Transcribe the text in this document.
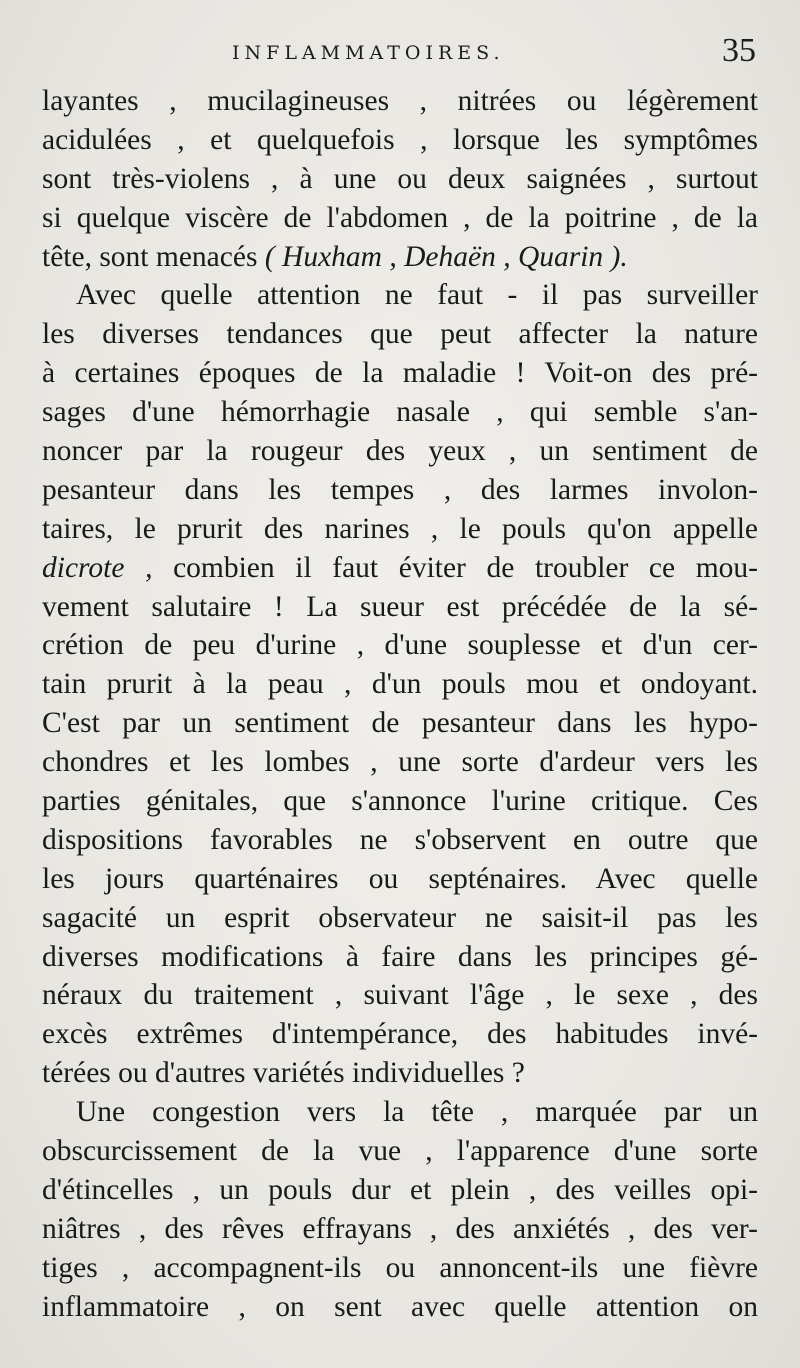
INFLAMMATOIRES.	35
layantes , mucilagineuses , nitrées ou légèrement
acidulées , et quelquefois , lorsque les symptômes
sont très-violens , à une ou deux saignées , surtout
si quelque viscère de l'abdomen , de la poitrine , de la
tête, sont menacés ( Huxham , Dehaën , Quarin ).
Avec quelle attention ne faut - il pas surveiller
les diverses tendances que peut affecter la nature
à certaines époques de la maladie ! Voit-on des pré-
sages d'une hémorrhagie nasale , qui semble s'an-
noncer par la rougeur des yeux , un sentiment de
pesanteur dans les tempes , des larmes involon-
taires, le prurit des narines , le pouls qu'on appelle
dicrote , combien il faut éviter de troubler ce mou-
vement salutaire ! La sueur est précédée de la sé-
crétion de peu d'urine , d'une souplesse et d'un cer-
tain prurit à la peau , d'un pouls mou et ondoyant.
C'est par un sentiment de pesanteur dans les hypo-
chondres et les lombes , une sorte d'ardeur vers les
parties génitales, que s'annonce l'urine critique. Ces
dispositions favorables ne s'observent en outre que
les jours quarténaires ou septénaires. Avec quelle
sagacité un esprit observateur ne saisit-il pas les
diverses modifications à faire dans les principes gé-
néraux du traitement , suivant l'âge , le sexe , des
excès extrêmes d'intempérance, des habitudes invé-
térées ou d'autres variétés individuelles ?
Une congestion vers la tête , marquée par un
obscurcissement de la vue , l'apparence d'une sorte
d'étincelles , un pouls dur et plein , des veilles opi-
niâtres , des rêves effrayans , des anxiétés , des ver-
tiges , accompagnent-ils ou annoncent-ils une fièvre
inflammatoire , on sent avec quelle attention on
